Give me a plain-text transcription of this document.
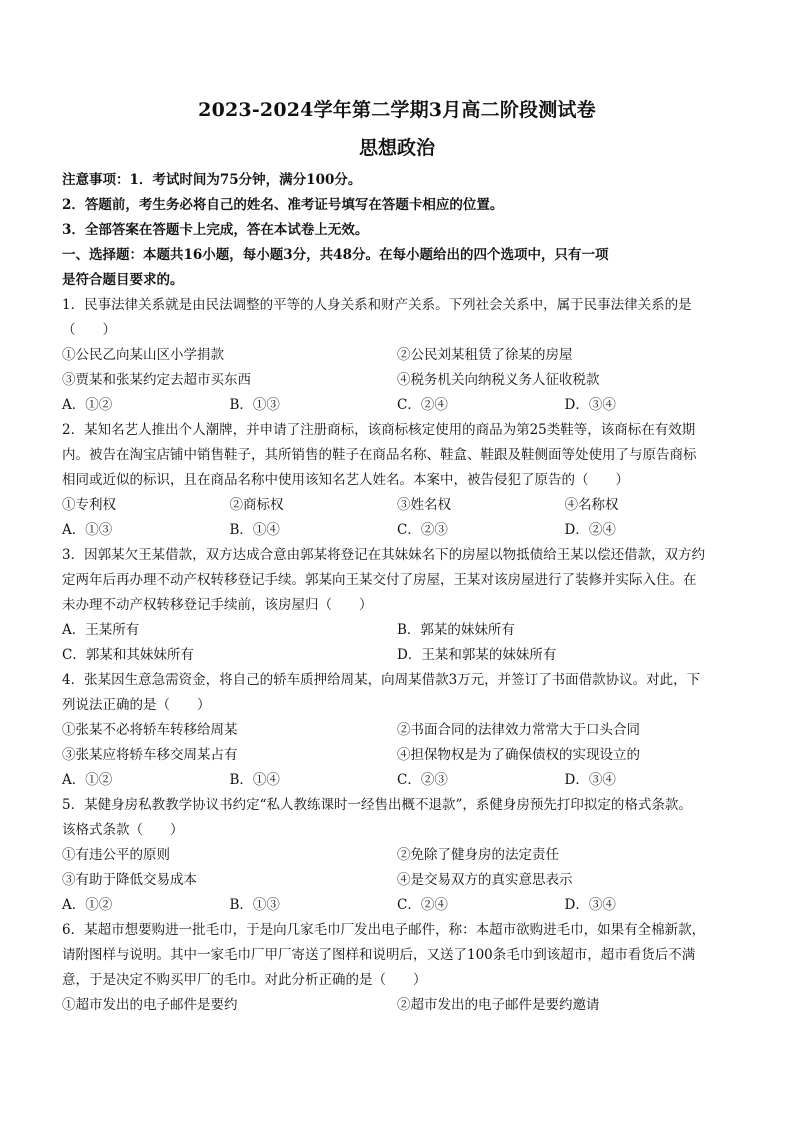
2023-2024学年第二学期3月高二阶段测试卷

思想政治

注意事项：1．考试时间为75分钟，满分100分。

2．答题前，考生务必将自己的姓名、准考证号填写在答题卡相应的位置。

3．全部答案在答题卡上完成，答在本试卷上无效。

一、选择题：本题共16小题，每小题3分，共48分。在每小题给出的四个选项中，只有一项

是符合题目要求的。

1．民事法律关系就是由民法调整的平等的人身关系和财产关系。下列社会关系中，属于民事法律关系的是

（　　）

①公民乙向某山区小学捐款	②公民刘某租赁了徐某的房屋
③贾某和张某约定去超市买东西	④税务机关向纳税义务人征收税款
A．①②	B．①③	C．②④	D．③④

2．某知名艺人推出个人潮牌，并申请了注册商标，该商标核定使用的商品为第25类鞋等，该商标在有效期

内。被告在淘宝店铺中销售鞋子，其所销售的鞋子在商品名称、鞋盒、鞋跟及鞋侧面等处使用了与原告商标

相同或近似的标识，且在商品名称中使用该知名艺人姓名。本案中，被告侵犯了原告的（　　）

①专利权	②商标权	③姓名权	④名称权
A．①③	B．①④	C．②③	D．②④

3．因郭某欠王某借款，双方达成合意由郭某将登记在其妹妹名下的房屋以物抵债给王某以偿还借款，双方约

定两年后再办理不动产权转移登记手续。郭某向王某交付了房屋，王某对该房屋进行了装修并实际入住。在

未办理不动产权转移登记手续前，该房屋归（　　）

A．王某所有	B．郭某的妹妹所有
C．郭某和其妹妹所有	D．王某和郭某的妹妹所有

4．张某因生意急需资金，将自己的轿车质押给周某，向周某借款3万元，并签订了书面借款协议。对此，下

列说法正确的是（　　）

①张某不必将轿车转移给周某	②书面合同的法律效力常常大于口头合同
③张某应将轿车移交周某占有	④担保物权是为了确保债权的实现设立的
A．①②	B．①④	C．②③	D．③④

5．某健身房私教教学协议书约定“私人教练课时一经售出概不退款”，系健身房预先打印拟定的格式条款。

该格式条款（　　）

①有违公平的原则	②免除了健身房的法定责任
③有助于降低交易成本	④是交易双方的真实意思表示
A．①②	B．①③	C．②④	D．③④

6．某超市想要购进一批毛巾，于是向几家毛巾厂发出电子邮件，称：本超市欲购进毛巾，如果有全棉新款，

请附图样与说明。其中一家毛巾厂甲厂寄送了图样和说明后，又送了100条毛巾到该超市，超市看货后不满

意，于是决定不购买甲厂的毛巾。对此分析正确的是（　　）

①超市发出的电子邮件是要约	②超市发出的电子邮件是要约邀请
